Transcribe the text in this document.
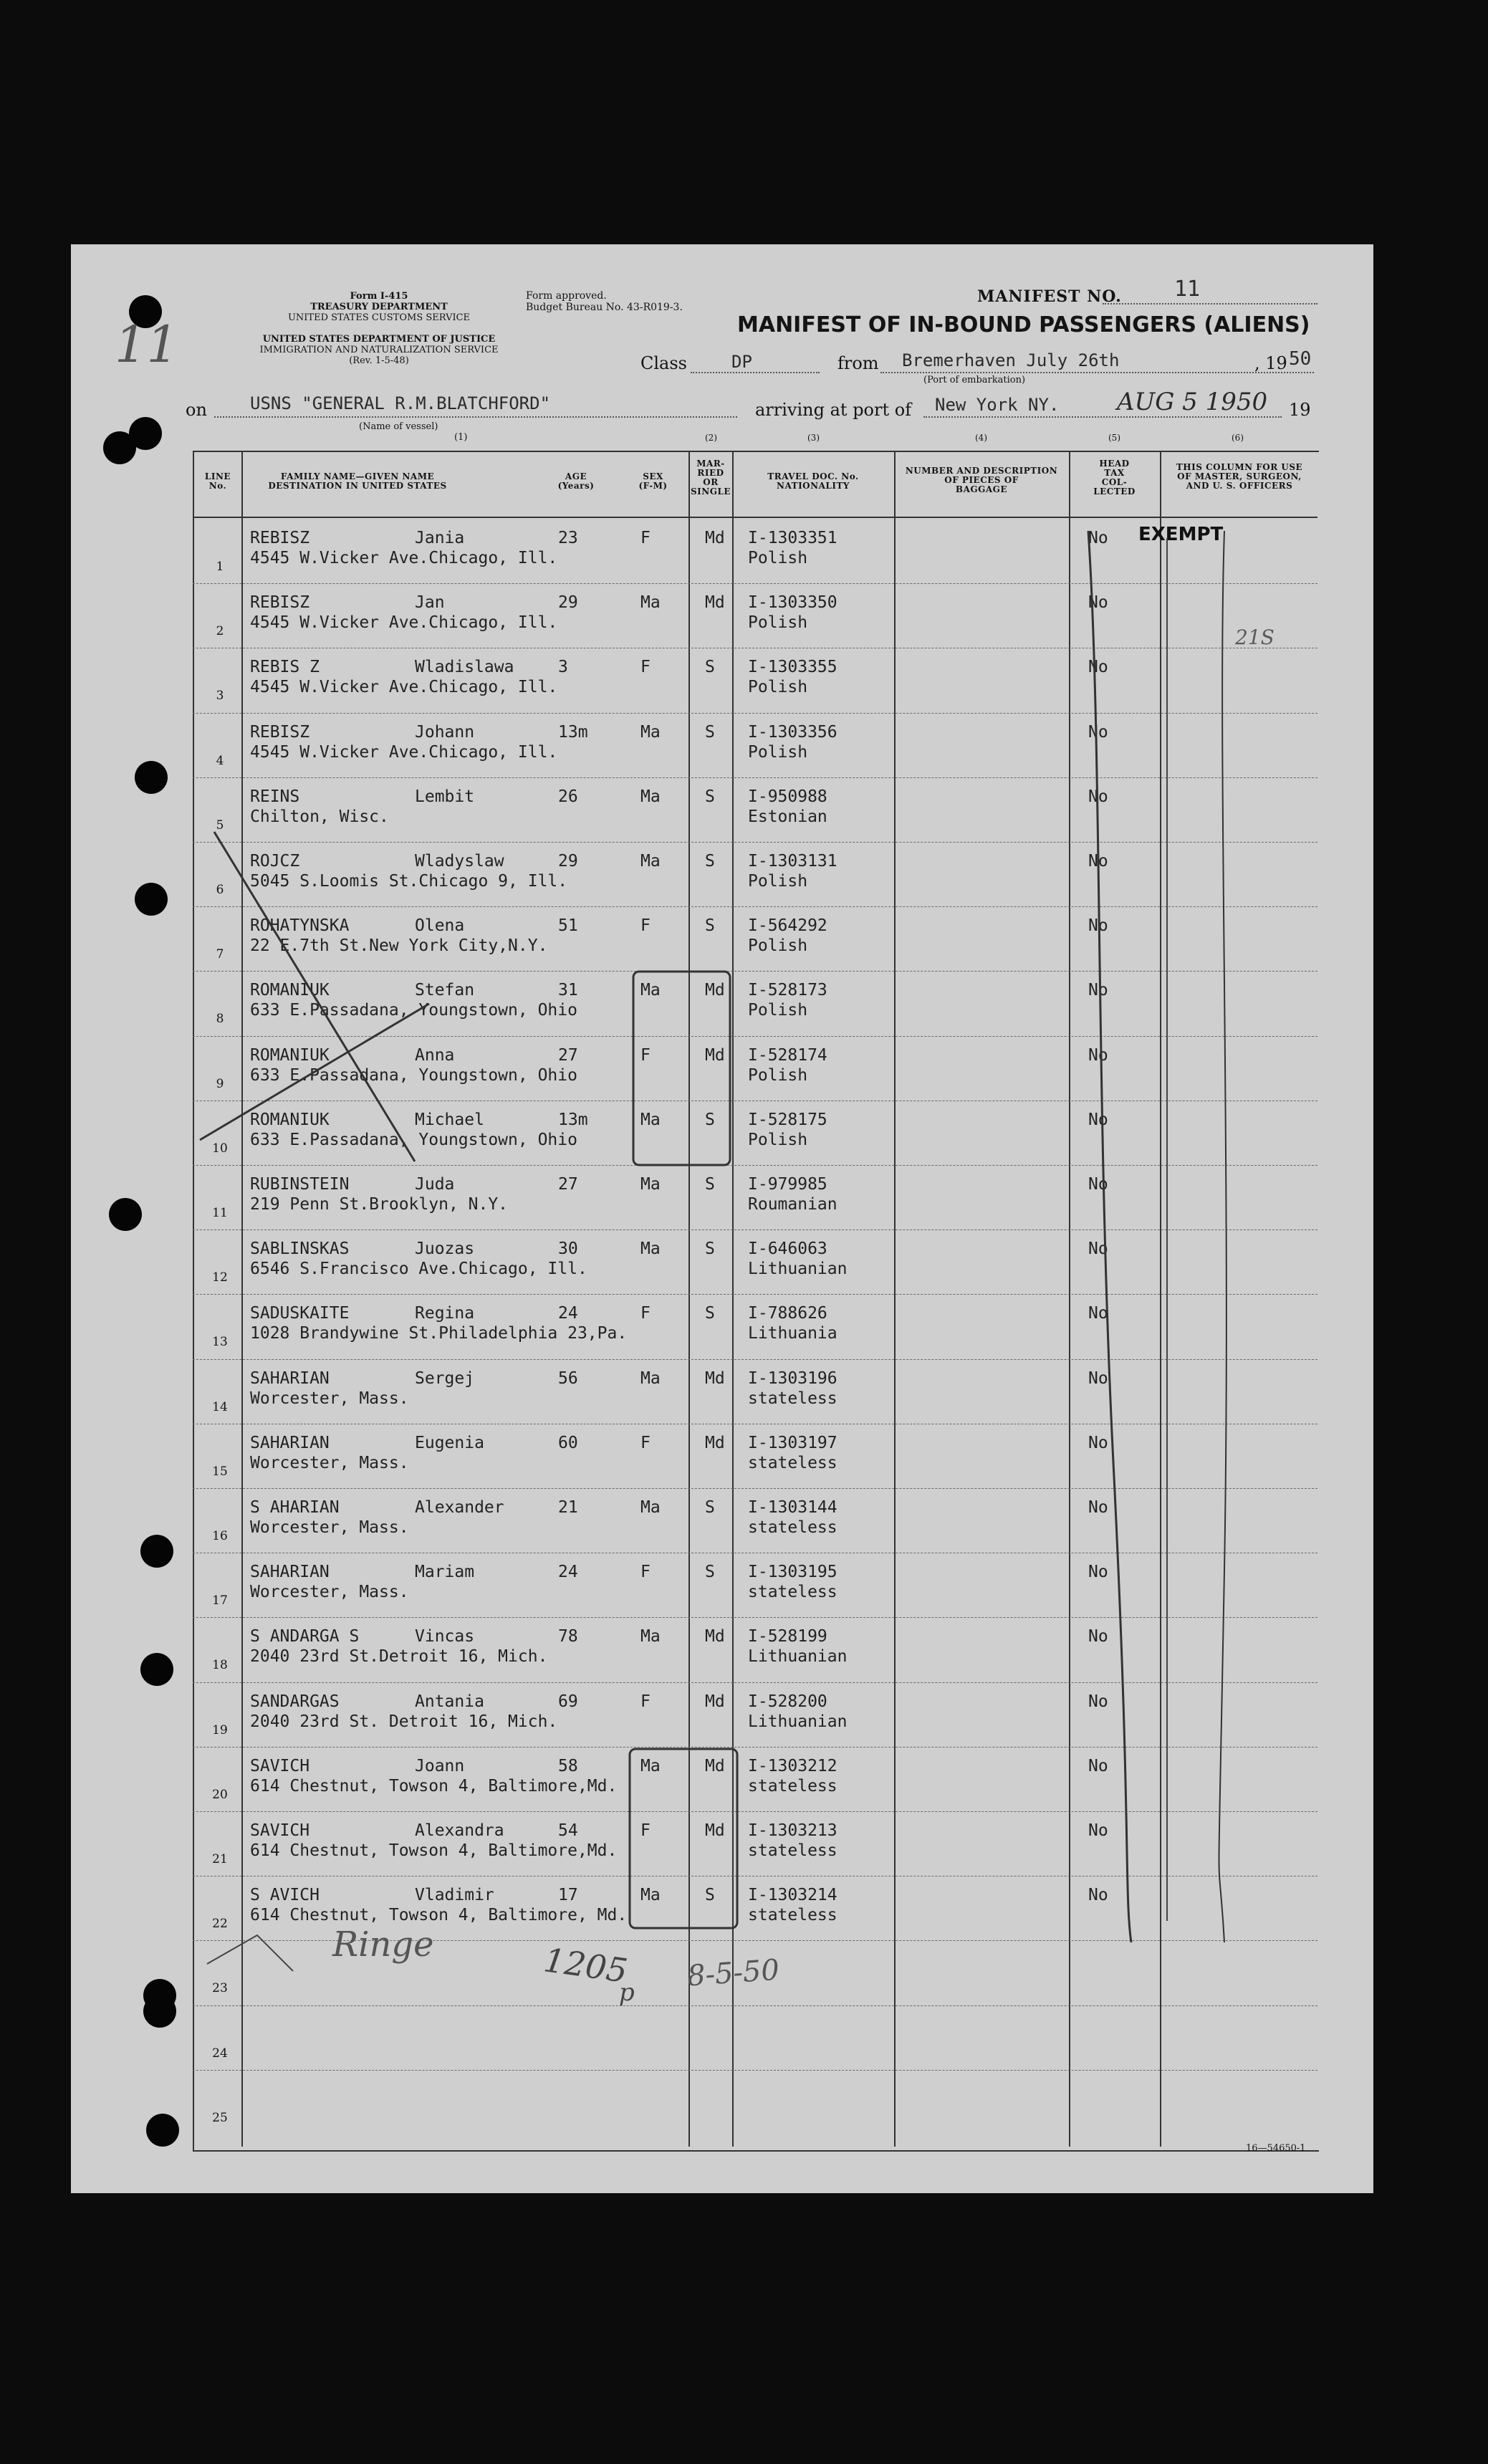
Form I-415
TREASURY DEPARTMENT
UNITED STATES CUSTOMS SERVICE
UNITED STATES DEPARTMENT OF JUSTICE
IMMIGRATION AND NATURALIZATION SERVICE
(Rev. 1-5-48)
Form approved.
Budget Bureau No. 43-R019-3.
MANIFEST NO. 11
MANIFEST OF IN-BOUND PASSENGERS (ALIENS)
Class	DP	from Bremerhaven July 26th
(Port of embarkation)
, 19 50
on	USNS "GENERAL R.M.BLATCHFORD"
(Name of vessel)
(1)
arriving at port of New York NY. AUG 5 1950 19
LINE
No.
FAMILY NAME—GIVEN NAME
DESTINATION IN UNITED STATES
AGE
(Years)
SEX
(F-M)
MAR-
RIED
OR
SINGLE
TRAVEL DOC. No.
NATIONALITY
NUMBER AND DESCRIPTION
OF PIECES OF
BAGGAGE
HEAD
TAX
COL-
LECTED
THIS COLUMN FOR USE
OF MASTER, SURGEON,
AND U. S. OFFICERS
(2)	(3)	(4)	(5)	(6)
1
REBISZ	Jania	23	F	Md I-1303351	No
4545 W.Vicker Ave.Chicago, Ill.	Polish
2
REBISZ	Jan	29	Ma	Md I-1303350	No
4545 W.Vicker Ave.Chicago, Ill.	Polish
3
REBIS Z	Wladislawa	3	F	S I-1303355	No
4545 W.Vicker Ave.Chicago, Ill.	Polish
4
REBISZ	Johann	13m	Ma	S I-1303356	No
4545 W.Vicker Ave.Chicago, Ill.	Polish
5
REINS	Lembit	26	Ma	S I-950988	No
Chilton, Wisc.	Estonian
6
ROJCZ	Wladyslaw	29	Ma	S I-1303131	No
5045 S.Loomis St.Chicago 9, Ill.	Polish
7
ROHATYNSKA	Olena	51	F	S I-564292	No
22 E.7th St.New York City,N.Y.	Polish
8
ROMANIUK	Stefan	31	Ma	Md I-528173	No
633 E.Passadana, Youngstown, Ohio	Polish
9
ROMANIUK	Anna	27	F	Md I-528174	No
633 E.Passadana, Youngstown, Ohio	Polish
10
ROMANIUK	Michael	13m	Ma	S I-528175	No
633 E.Passadana, Youngstown, Ohio	Polish
11
RUBINSTEIN	Juda	27	Ma	S I-979985	No
219 Penn St.Brooklyn, N.Y.	Roumanian
12
SABLINSKAS	Juozas	30	Ma	S I-646063	No
6546 S.Francisco Ave.Chicago, Ill.	Lithuanian
13
SADUSKAITE	Regina	24	F	S I-788626	No
1028 Brandywine St.Philadelphia 23,Pa.	Lithuania
14
SAHARIAN	Sergej	56	Ma	Md I-1303196	No
Worcester, Mass.	stateless
15
SAHARIAN	Eugenia	60	F	Md I-1303197	No
Worcester, Mass.	stateless
16
S AHARIAN	Alexander	21	Ma	S I-1303144	No
Worcester, Mass.	stateless
17
SAHARIAN	Mariam	24	F	S I-1303195	No
Worcester, Mass.	stateless
18
S ANDARGA S	Vincas	78	Ma	Md I-528199	No
2040 23rd St.Detroit 16, Mich.	Lithuanian
19
SANDARGAS	Antania	69	F	Md I-528200	No
2040 23rd St. Detroit 16, Mich.	Lithuanian
20
SAVICH	Joann	58	Ma	Md I-1303212	No
614 Chestnut, Towson 4, Baltimore,Md.	stateless
21
SAVICH	Alexandra	54	F	Md I-1303213	No
614 Chestnut, Towson 4, Baltimore,Md.	stateless
22
S AVICH	Vladimir	17	Ma	S I-1303214	No
614 Chestnut, Towson 4, Baltimore, Md.	stateless
23
24
25
EXEMPT
21S
Ringe	1205
p 8-5-50
16—54650-1
11
